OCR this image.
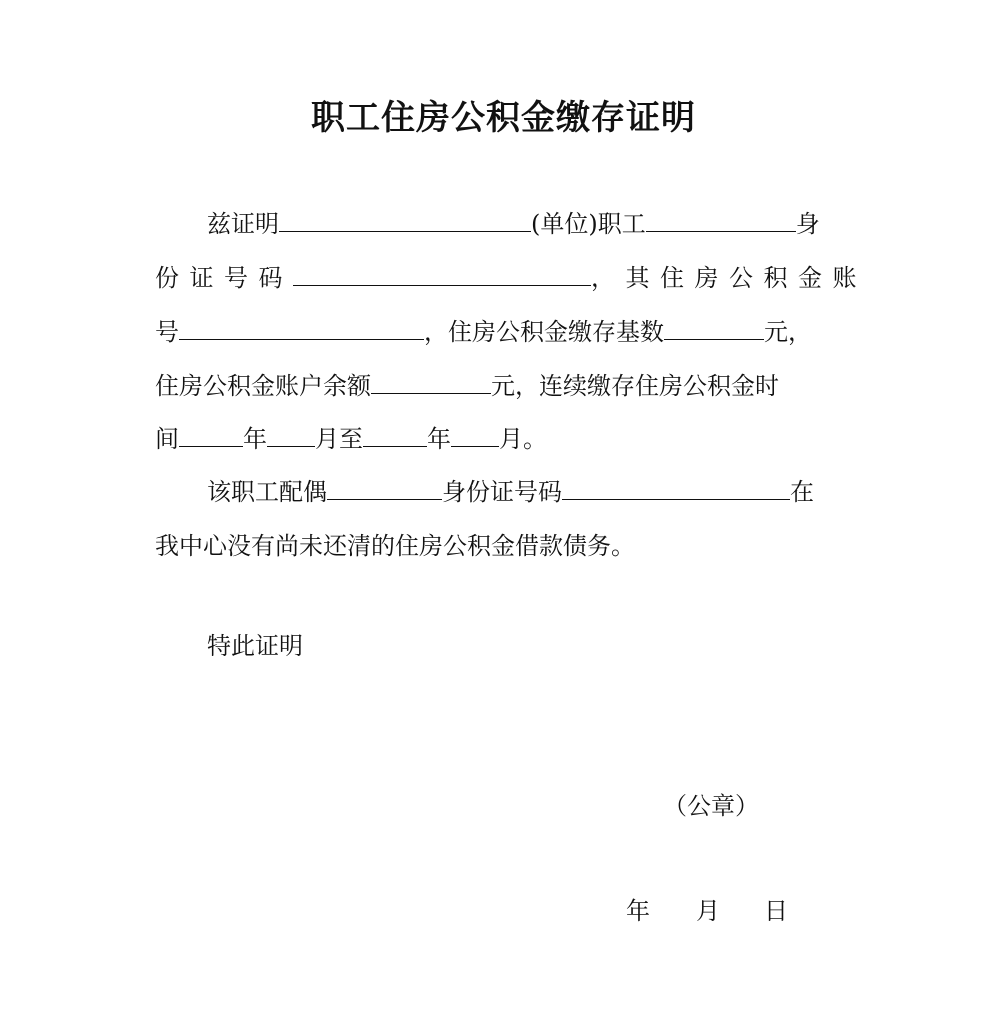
职工住房公积金缴存证明
兹证明	(单位)职工	身
份证号码	，其住房公积金账
号	，住房公积金缴存基数	元，
住房公积金账户余额	元，连续缴存住房公积金时
间	年 月至	年 月。
该职工配偶	身份证号码	在
我中心没有尚未还清的住房公积金借款债务。
特此证明
（公章）
年 月 日
